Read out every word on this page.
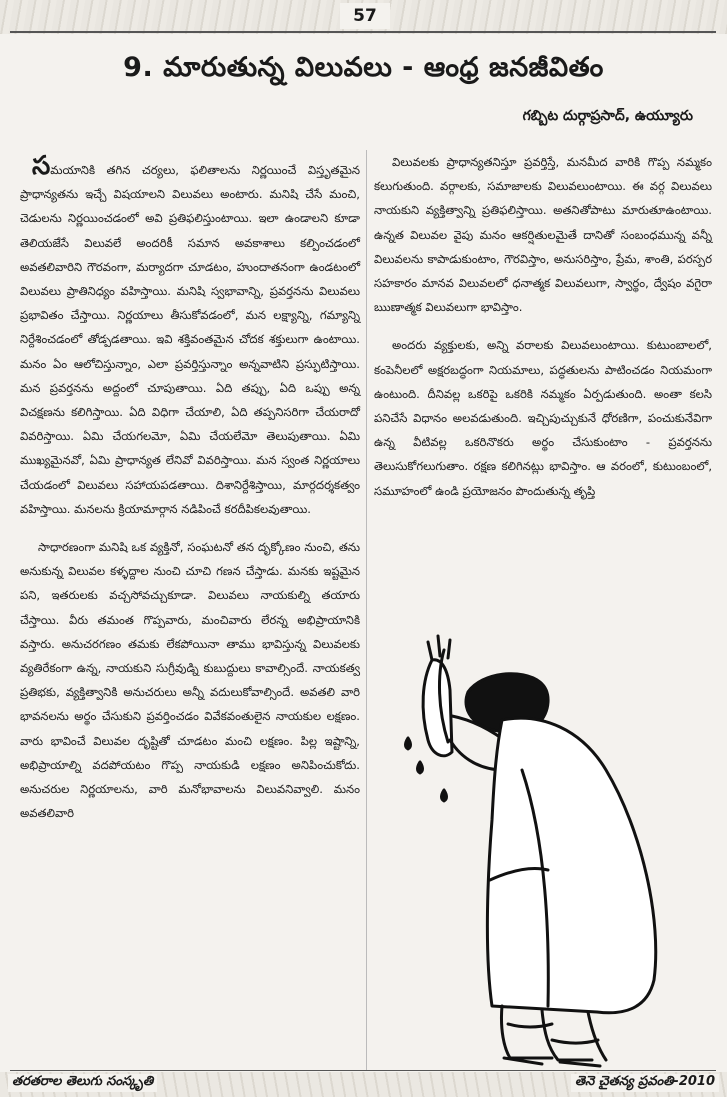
57
9. మారుతున్న విలువలు - ఆంధ్ర జనజీవితం
గబ్బిట దుర్గాప్రసాద్, ఉయ్యూరు

సమయానికి తగిన చర్యలు, ఫలితాలను నిర్ణయించే విస్తృతమైన ప్రాధాన్యతను ఇచ్చే విషయాలని విలువలు అంటారు. మనిషి చేసే మంచి, చెడులను నిర్ణయించడంలో అవి ప్రతిఫలిస్తుంటాయి. ఇలా ఉండాలని కూడా తెలియజేసే విలువలే అందరికీ సమాన అవకాశాలు కల్పించడంలో అవతలివారిని గౌరవంగా, మర్యాదగా చూడటం, హుందాతనంగా ఉండటంలో విలువలు ప్రాతినిధ్యం వహిస్తాయి. మనిషి స్వభావాన్ని, ప్రవర్తనను విలువలు ప్రభావితం చేస్తాయి. నిర్ణయాలు తీసుకోవడంలో, మన లక్ష్యాన్ని, గమ్యాన్ని నిర్దేశించడంలో తోడ్పడతాయి. ఇవి శక్తివంతమైన చోదక శక్తులుగా ఉంటాయి. మనం ఏం ఆలోచిస్తున్నాం, ఎలా ప్రవర్తిస్తున్నాం అన్నవాటిని ప్రస్ఫుటిస్తాయి. మన ప్రవర్తనను అద్దంలో చూపుతాయి. ఏది తప్పు, ఏది ఒప్పు అన్న విచక్షణను కలిగిస్తాయి. ఏది విధిగా చేయాలి, ఏది తప్పనిసరిగా చేయరాదో వివరిస్తాయి. ఏమి చేయగలమో, ఏమి చేయలేమో తెలుపుతాయి. ఏమి ముఖ్యమైనవో, ఏమి ప్రాధాన్యత లేనివో వివరిస్తాయి. మన స్వంత నిర్ణయాలు చేయడంలో విలువలు సహాయపడతాయి. దిశానిర్దేశిస్తాయి, మార్గదర్శకత్వం వహిస్తాయి. మనలను క్రియామార్గాన నడిపించే కరదీపికలవుతాయి.

సాధారణంగా మనిషి ఒక వ్యక్తినో, సంఘటనో తన దృక్కోణం నుంచి, తను అనుకున్న విలువల కళ్ళద్దాల నుంచి చూచి గణన చేస్తాడు. మనకు ఇష్టమైన పని, ఇతరులకు వచ్చసోవచ్చుకూడా. విలువలు నాయకుల్ని తయారు చేస్తాయి. వీరు తమంత గొప్పవారు, మంచివారు లేరన్న అభిప్రాయానికి వస్తారు. అనుచరగణం తమకు లేకపోయినా తాము భావిస్తున్న విలువలకు వ్యతిరేకంగా ఉన్న, నాయకుని సుగ్రీవుడ్ని కుబుద్దులు కావాల్సిందే. నాయకత్వ ప్రతిభకు, వ్యక్తిత్వానికి అనుచరులు అన్నీ వదులుకోవాల్సిందే. అవతలి వారి భావనలను అర్థం చేసుకుని ప్రవర్తించడం వివేకవంతులైన నాయకుల లక్షణం. వారు భావించే విలువల దృష్టితో చూడటం మంచి లక్షణం. పిల్ల ఇష్టాన్ని, అభిప్రాయాల్ని వదపోయటం గొప్ప నాయకుడి లక్షణం అనిపించుకోదు. అనుచరుల నిర్ణయాలను, వారి మనోభావాలను విలువనివ్వాలి. మనం అవతలివారి

విలువలకు ప్రాధాన్యతనిస్తూ ప్రవర్తిస్తే, మనమీద వారికి గొప్ప నమ్మకం కలుగుతుంది. వర్గాలకు, సమాజాలకు విలువలుంటాయి. ఈ వర్గ విలువలు నాయకుని వ్యక్తిత్వాన్ని ప్రతిఫలిస్తాయి. అతనితోపాటు మారుతూఉంటాయి. ఉన్నత విలువల వైపు మనం ఆకర్షితులమైతే దానితో సంబంధమున్న వన్నీ విలువలను కాపాడుకుంటాం, గౌరవిస్తాం, అనుసరిస్తాం, ప్రేమ, శాంతి, పరస్పర సహకారం మానవ విలువలలో ధనాత్మక విలువలుగా, స్వార్థం, ద్వేషం వగైరా ఋణాత్మక విలువలుగా భావిస్తాం.

అందరు వ్యక్తులకు, అన్ని వరాలకు విలువలుంటాయి. కుటుంబాలలో, కంపెనీలలో అక్షరబద్ధంగా నియమాలు, పద్ధతులను పాటించడం నియమంగా ఉంటుంది. దీనివల్ల ఒకరిపై ఒకరికి నమ్మకం ఏర్పడుతుంది. అంతా కలసి పనిచేసే విధానం అలవడుతుంది. ఇచ్చిపుచ్చుకునే ధోరణిగా, పంచుకునేవిగా ఉన్న వీటివల్ల ఒకరినొకరు అర్థం చేసుకుంటాం - ప్రవర్తనను తెలుసుకోగలుగుతాం. రక్షణ కలిగినట్లు భావిస్తాం. ఆ వరంలో, కుటుంబంలో, సమూహంలో ఉండి ప్రయోజనం పొందుతున్న తృప్తి

తరతరాల తెలుగు సంస్కృతి	తెనె చైతన్య ప్రవంతి-2010
